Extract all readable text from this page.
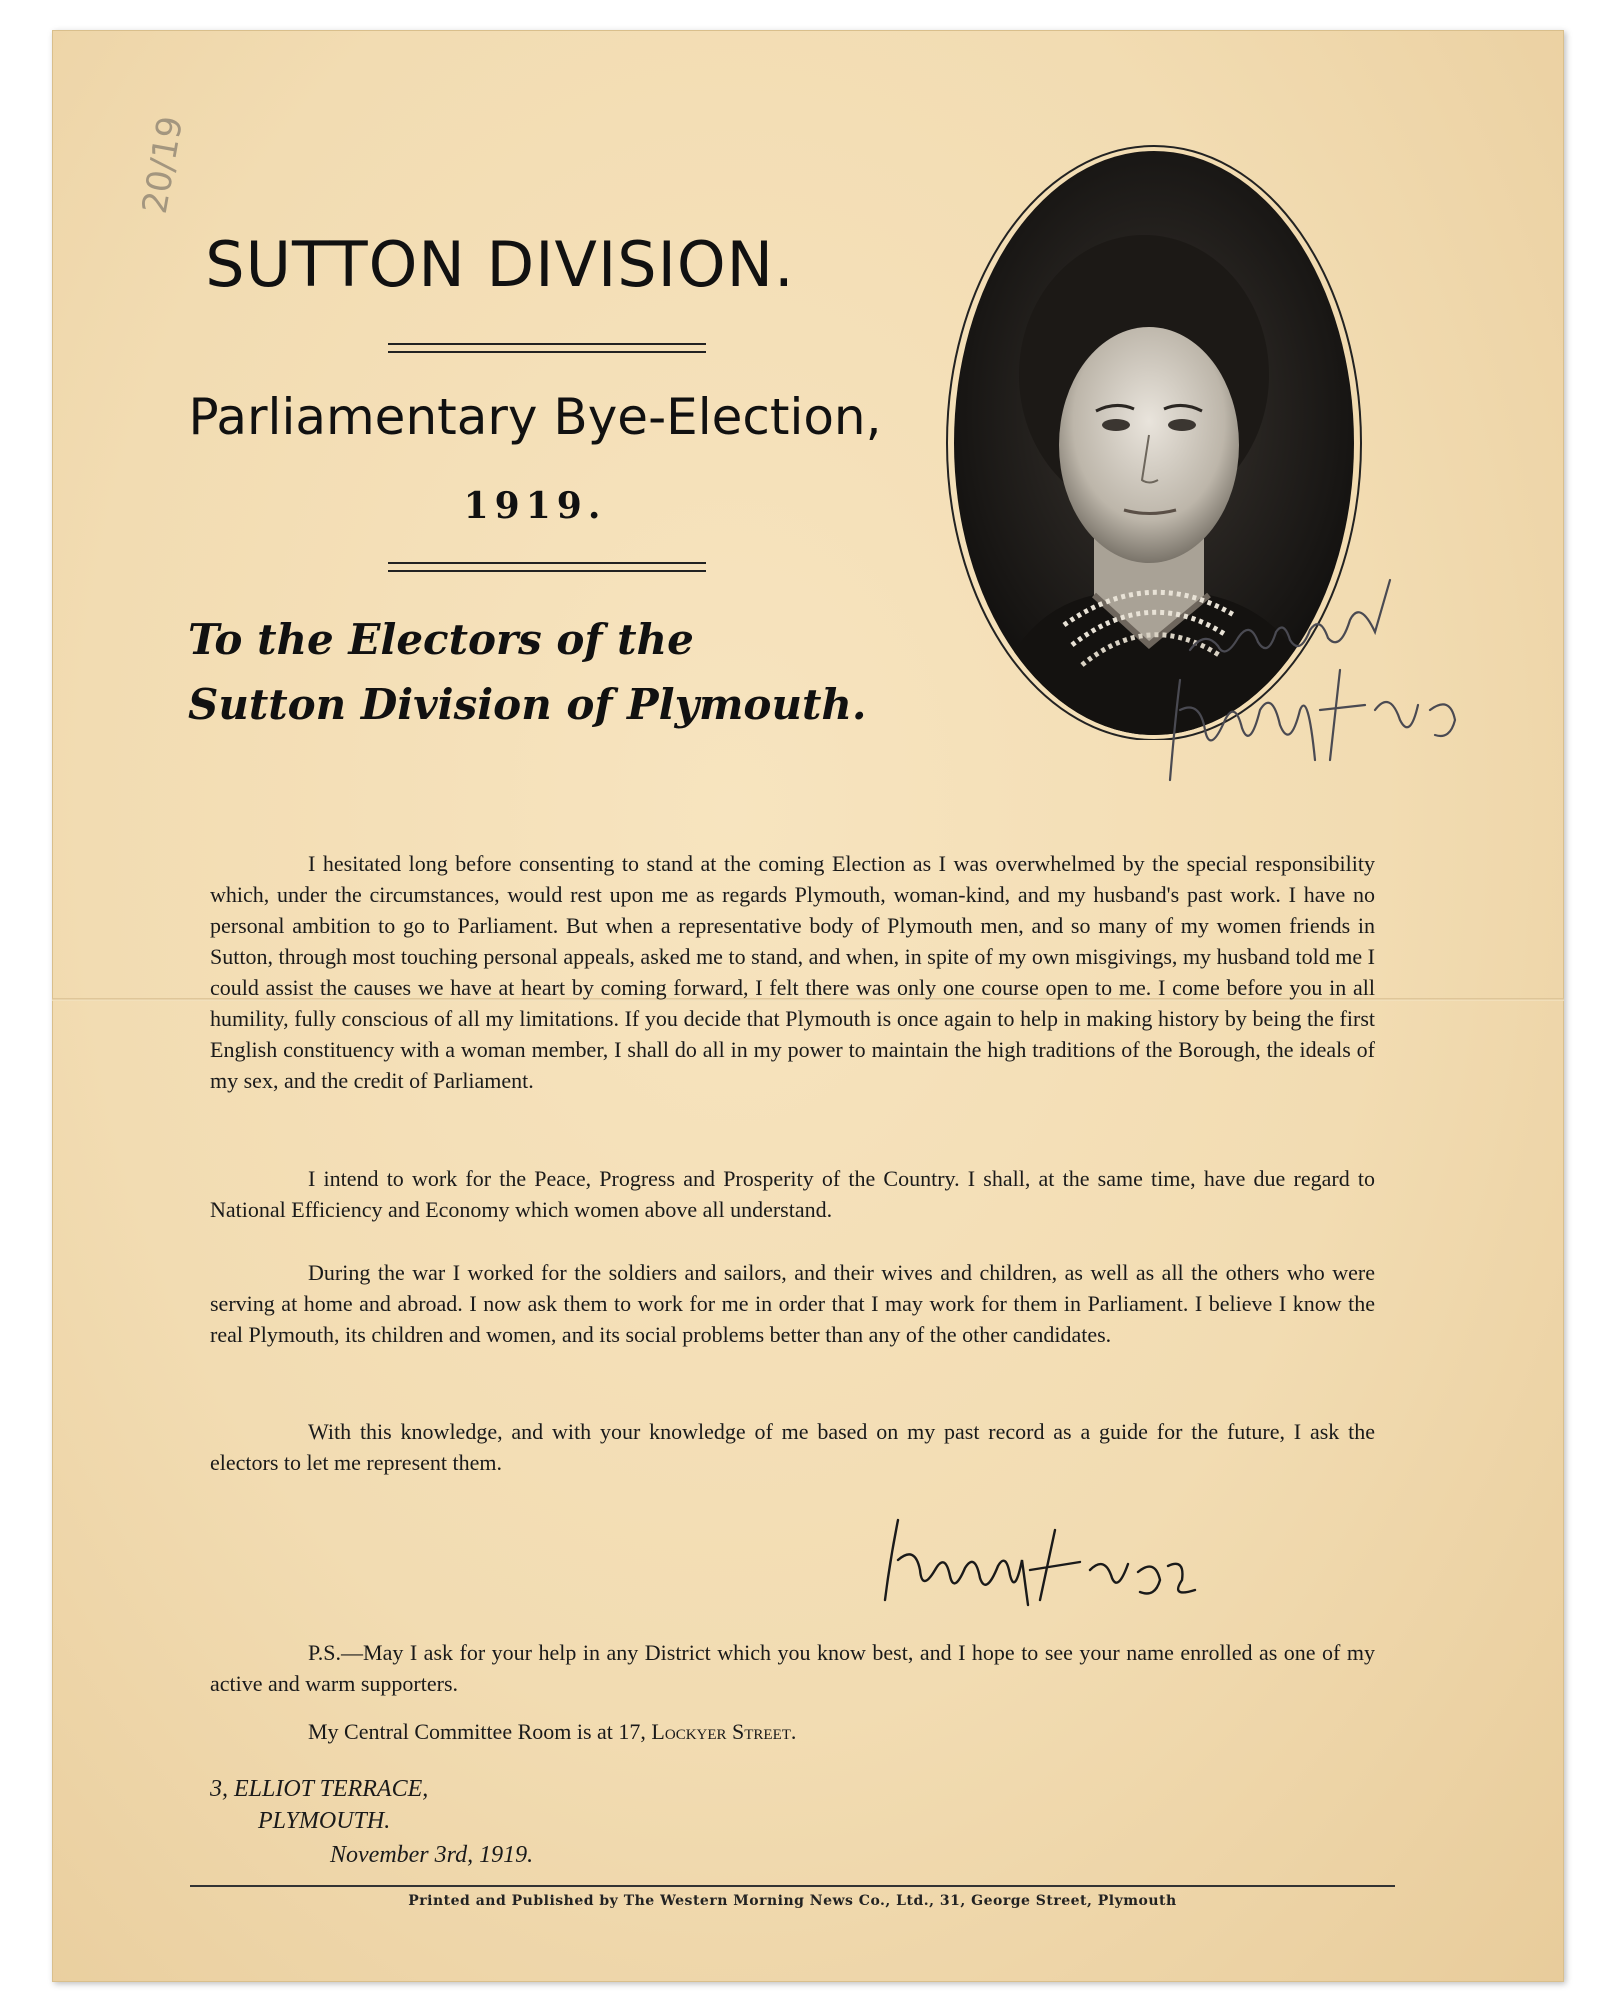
20/19
SUTTON DIVISION.
Parliamentary Bye-Election,
1919.
To the Electors of the
Sutton Division of Plymouth.

I hesitated long before consenting to stand at the coming Election as I was overwhelmed by the special responsibility which, under the circumstances, would rest upon me as regards Plymouth, woman-kind, and my husband's past work. I have no personal ambition to go to Parliament. But when a representative body of Plymouth men, and so many of my women friends in Sutton, through most touching personal appeals, asked me to stand, and when, in spite of my own misgivings, my husband told me I could assist the causes we have at heart by coming forward, I felt there was only one course open to me. I come before you in all humility, fully conscious of all my limitations. If you decide that Plymouth is once again to help in making history by being the first English constituency with a woman member, I shall do all in my power to maintain the high traditions of the Borough, the ideals of my sex, and the credit of Parliament.

I intend to work for the Peace, Progress and Prosperity of the Country. I shall, at the same time, have due regard to National Efficiency and Economy which women above all understand.

During the war I worked for the soldiers and sailors, and their wives and children, as well as all the others who were serving at home and abroad. I now ask them to work for me in order that I may work for them in Parliament. I believe I know the real Plymouth, its children and women, and its social problems better than any of the other candidates.

With this knowledge, and with your knowledge of me based on my past record as a guide for the future, I ask the electors to let me represent them.

P.S.—May I ask for your help in any District which you know best, and I hope to see your name enrolled as one of my active and warm supporters.

My Central Committee Room is at 17, Lockyer Street.

3, ELLIOT TERRACE,

PLYMOUTH.

November 3rd, 1919.

Printed and Published by The Western Morning News Co., Ltd., 31, George Street, Plymouth
